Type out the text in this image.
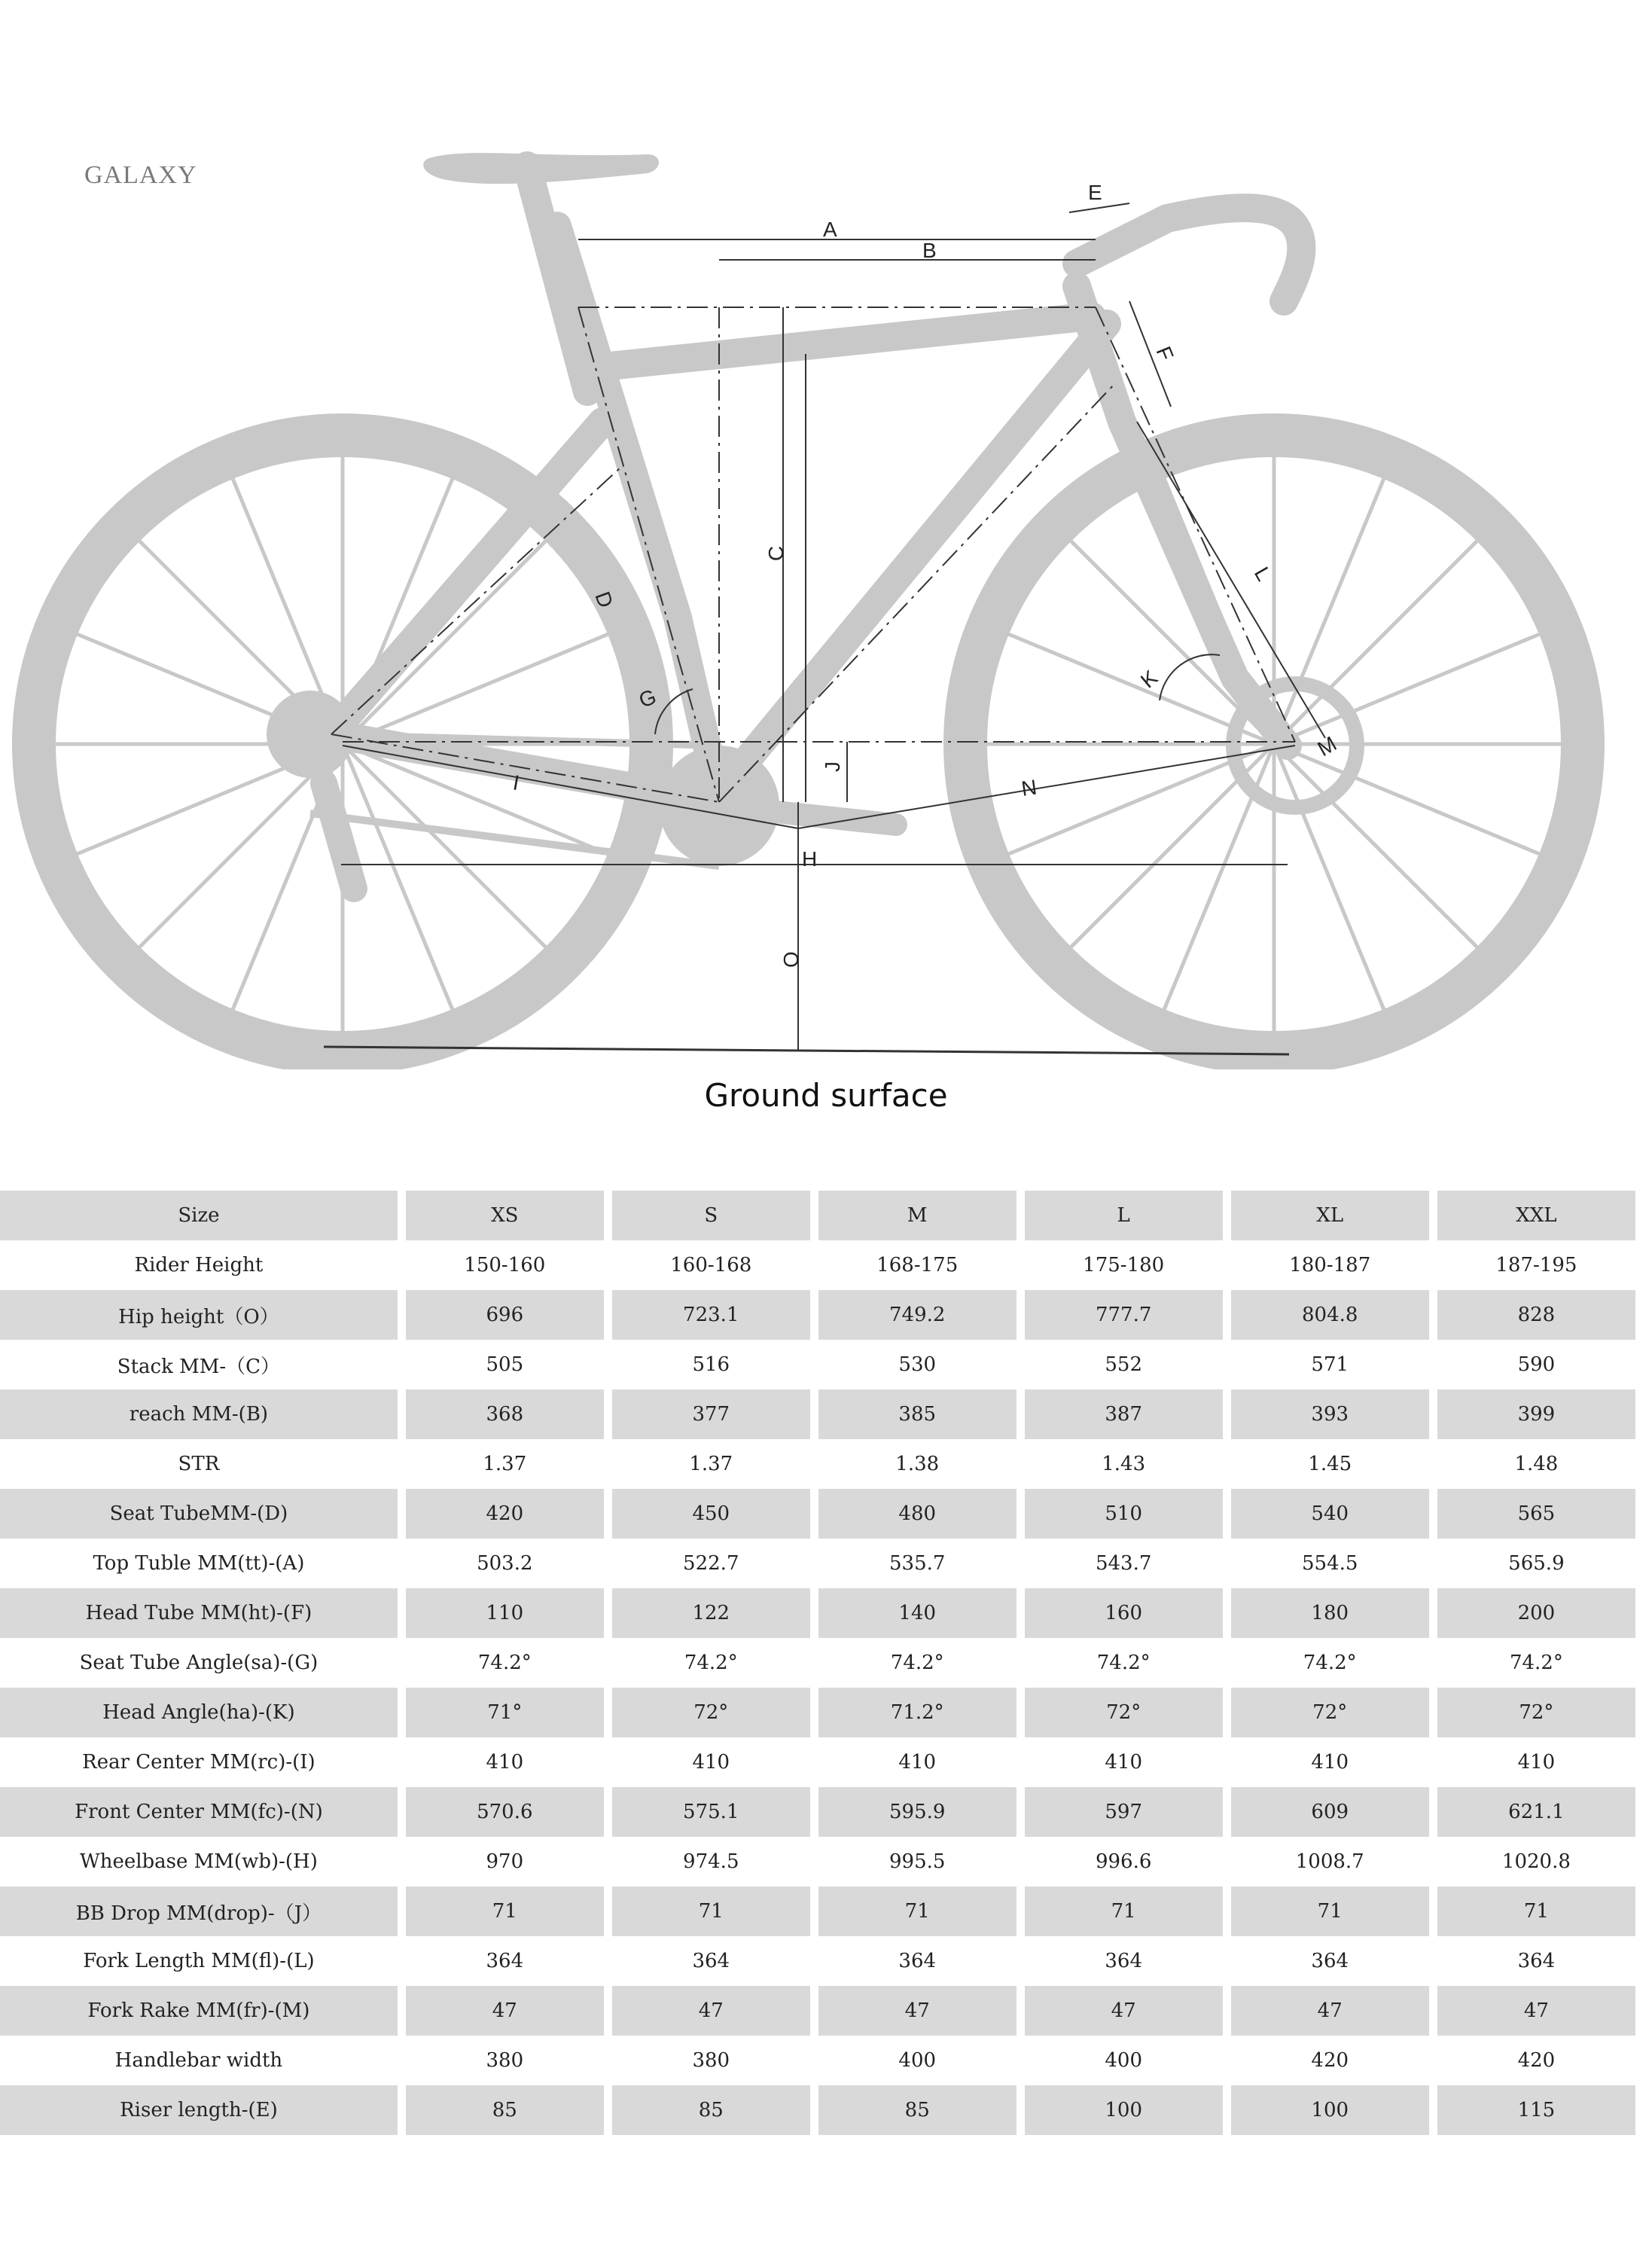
GALAXY
A
B
C
D
E
F
G
H
I
J
K
L
M
N
O
Ground surface
Size	XS	S	M	L	XL	XXL
Rider Height	150-160	160-168	168-175	175-180	180-187	187-195
Hip height（O）	696	723.1	749.2	777.7	804.8	828
Stack MM-（C）	505	516	530	552	571	590
reach MM-(B)	368	377	385	387	393	399
STR	1.37	1.37	1.38	1.43	1.45	1.48
Seat TubeMM-(D)	420	450	480	510	540	565
Top Tuble MM(tt)-(A)	503.2	522.7	535.7	543.7	554.5	565.9
Head Tube MM(ht)-(F)	110	122	140	160	180	200
Seat Tube Angle(sa)-(G)	74.2°	74.2°	74.2°	74.2°	74.2°	74.2°
Head Angle(ha)-(K)	71°	72°	71.2°	72°	72°	72°
Rear Center MM(rc)-(I)	410	410	410	410	410	410
Front Center MM(fc)-(N)	570.6	575.1	595.9	597	609	621.1
Wheelbase MM(wb)-(H)	970	974.5	995.5	996.6	1008.7	1020.8
BB Drop MM(drop)-（J）	71	71	71	71	71	71
Fork Length MM(fl)-(L)	364	364	364	364	364	364
Fork Rake MM(fr)-(M)	47	47	47	47	47	47
Handlebar width	380	380	400	400	420	420
Riser length-(E)	85	85	85	100	100	115
